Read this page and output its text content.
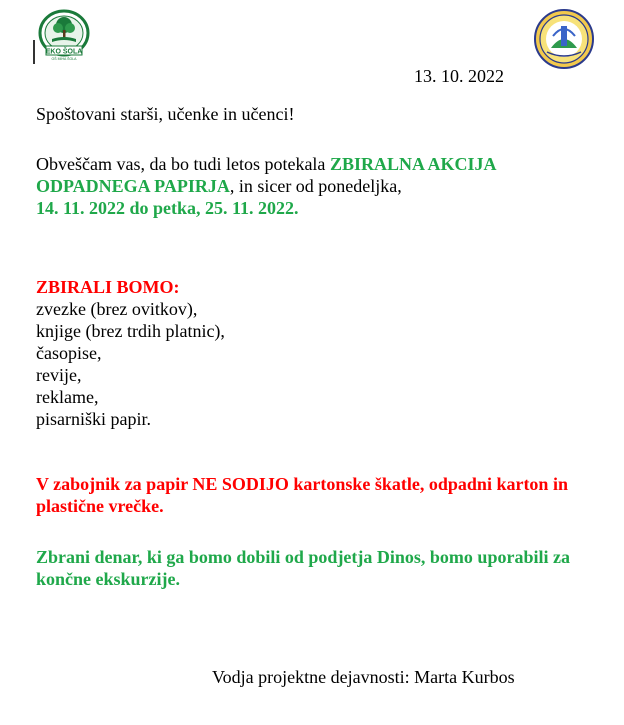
EKO ŠOLA
OŠ MIHA ŠOLA
13. 10. 2022
Spoštovani starši, učenke in učenci!
Obveščam vas, da bo tudi letos potekala ZBIRALNA AKCIJA ODPADNEGA PAPIRJA, in sicer od ponedeljka,
14. 11. 2022 do petka, 25. 11. 2022.
ZBIRALI BOMO:
zvezke (brez ovitkov),
knjige (brez trdih platnic),
časopise,
revije,
reklame,
pisarniški papir.
V zabojnik za papir NE SODIJO kartonske škatle, odpadni karton in plastične vrečke.
Zbrani denar, ki ga bomo dobili od podjetja Dinos, bomo uporabili za končne ekskurzije.
Vodja projektne dejavnosti: Marta Kurbos
